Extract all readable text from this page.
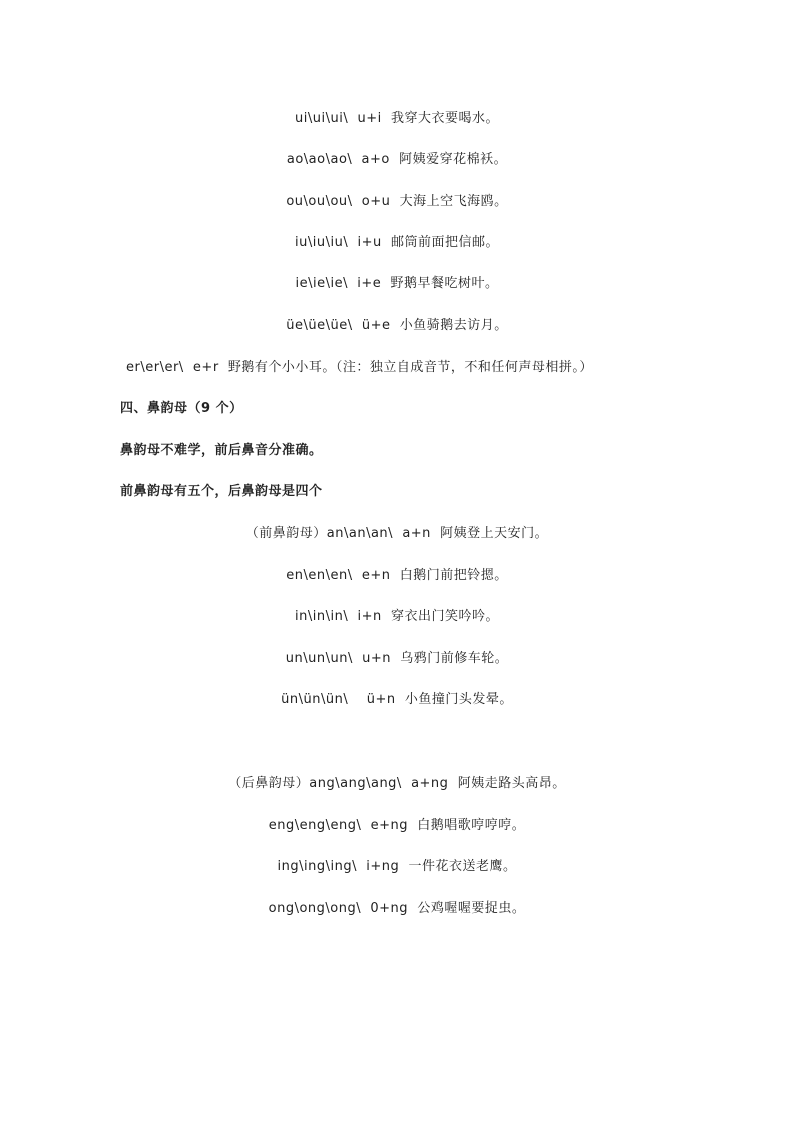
ui\ui\ui\  u+i  我穿大衣要喝水。
ao\ao\ao\  a+o  阿姨爱穿花棉袄。
ou\ou\ou\  o+u  大海上空飞海鸥。
iu\iu\iu\  i+u  邮筒前面把信邮。
ie\ie\ie\  i+e  野鹅早餐吃树叶。
üe\üe\üe\  ü+e  小鱼骑鹅去访月。
er\er\er\  e+r  野鹅有个小小耳。（注：独立自成音节，不和任何声母相拼。）
四、鼻韵母（9 个）
鼻韵母不难学，前后鼻音分准确。
前鼻韵母有五个，后鼻韵母是四个
（前鼻韵母）an\an\an\  a+n  阿姨登上天安门。
en\en\en\  e+n  白鹅门前把铃摁。
in\in\in\  i+n  穿衣出门笑吟吟。
un\un\un\  u+n  乌鸦门前修车轮。
ün\ün\ün\    ü+n  小鱼撞门头发晕。
（后鼻韵母）ang\ang\ang\  a+ng  阿姨走路头高昂。
eng\eng\eng\  e+ng  白鹅唱歌哼哼哼。
ing\ing\ing\  i+ng  一件花衣送老鹰。
ong\ong\ong\  0+ng  公鸡喔喔要捉虫。
